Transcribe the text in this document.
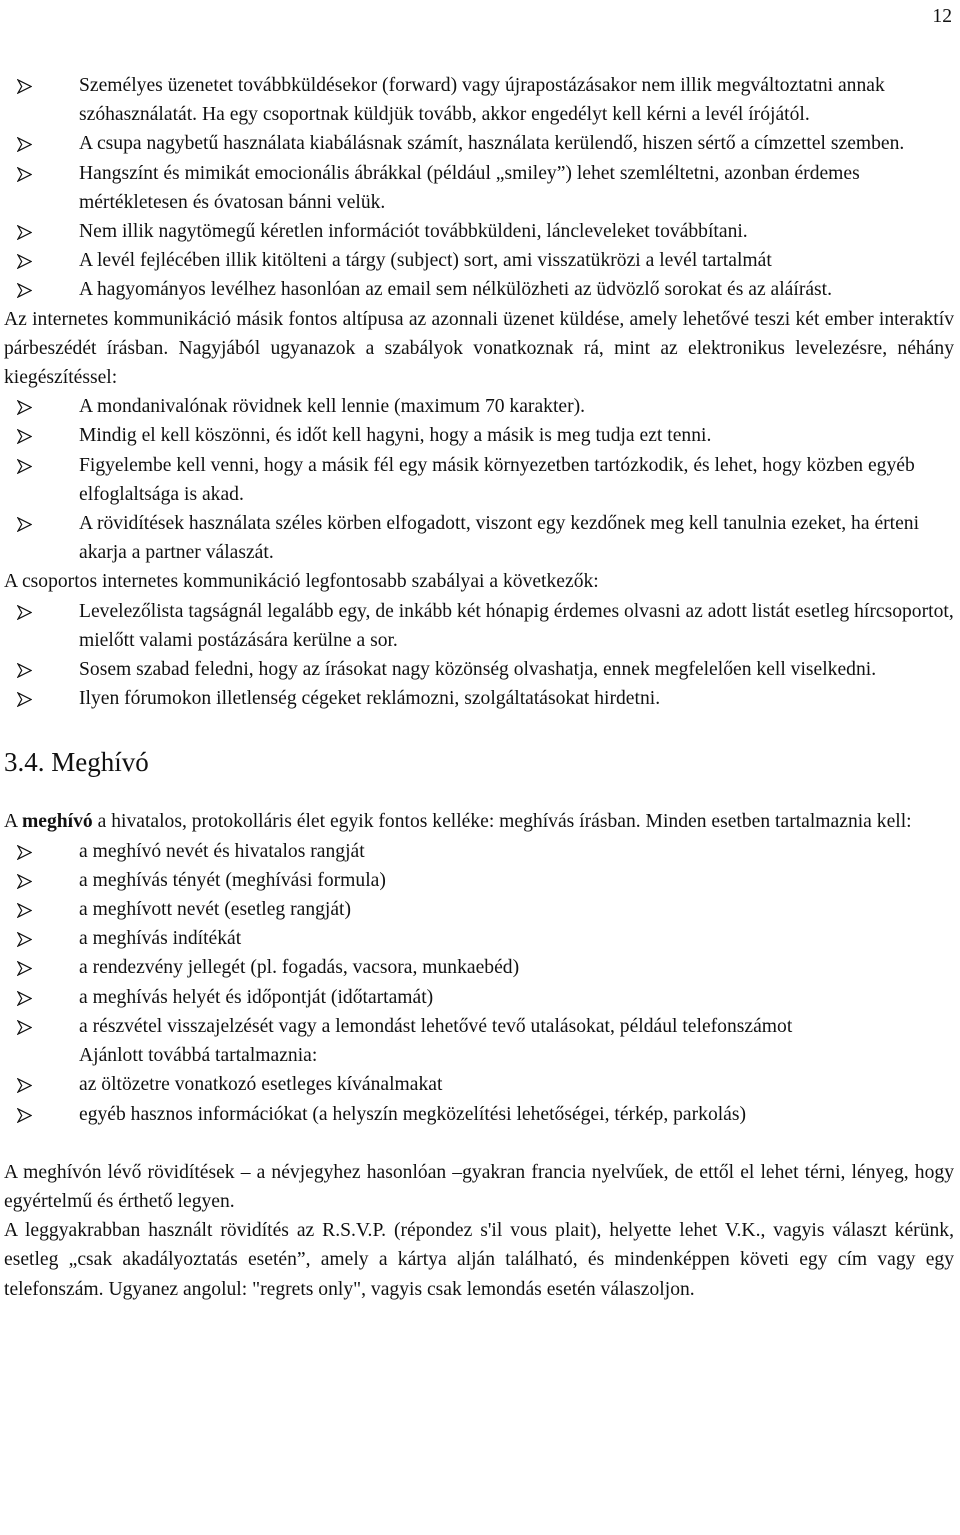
12
Személyes üzenetet továbbküldésekor (forward) vagy újrapostázásakor nem illik megváltoztatni annak szóhasználatát. Ha egy csoportnak küldjük tovább, akkor engedélyt kell kérni a levél írójától.
A csupa nagybetű használata kiabálásnak számít, használata kerülendő, hiszen sértő a címzettel szemben.
Hangszínt és mimikát emocionális ábrákkal (például „smiley”) lehet szemléltetni, azonban érdemes mértékletesen és óvatosan bánni velük.
Nem illik nagytömegű kéretlen információt továbbküldeni, láncleveleket továbbítani.
A levél fejlécében illik kitölteni a tárgy (subject) sort, ami visszatükrözi a levél tartalmát
A hagyományos levélhez hasonlóan az email sem nélkülözheti az üdvözlő sorokat és az aláírást.

Az internetes kommunikáció másik fontos altípusa az azonnali üzenet küldése, amely lehetővé teszi két ember interaktív párbeszédét írásban. Nagyjából ugyanazok a szabályok vonatkoznak rá, mint az elektronikus levelezésre, néhány kiegészítéssel:

A mondanivalónak rövidnek kell lennie (maximum 70 karakter).
Mindig el kell köszönni, és időt kell hagyni, hogy a másik is meg tudja ezt tenni.
Figyelembe kell venni, hogy a másik fél egy másik környezetben tartózkodik, és lehet, hogy közben egyéb elfoglaltsága is akad.
A rövidítések használata széles körben elfogadott, viszont egy kezdőnek meg kell tanulnia ezeket, ha érteni akarja a partner válaszát.

A csoportos internetes kommunikáció legfontosabb szabályai a következők:

Levelezőlista tagságnál legalább egy, de inkább két hónapig érdemes olvasni az adott listát esetleg hírcsoportot, mielőtt valami postázására kerülne a sor.
Sosem szabad feledni, hogy az írásokat nagy közönség olvashatja, ennek megfelelően kell viselkedni.
Ilyen fórumokon illetlenség cégeket reklámozni, szolgáltatásokat hirdetni.
3.4. Meghívó

A meghívó a hivatalos, protokolláris élet egyik fontos kelléke: meghívás írásban. Minden esetben tartalmaznia kell:

a meghívó nevét és hivatalos rangját
a meghívás tényét (meghívási formula)
a meghívott nevét (esetleg rangját)
a meghívás indítékát
a rendezvény jellegét (pl. fogadás, vacsora, munkaebéd)
a meghívás helyét és időpontját (időtartamát)
a részvétel visszajelzését vagy a lemondást lehetővé tevő utalásokat, például telefonszámot
Ajánlott továbbá tartalmaznia:
az öltözetre vonatkozó esetleges kívánalmakat
egyéb hasznos információkat (a helyszín megközelítési lehetőségei, térkép, parkolás)

A meghívón lévő rövidítések – a névjegyhez hasonlóan –gyakran francia nyelvűek, de ettől el lehet térni, lényeg, hogy egyértelmű és érthető legyen.

A leggyakrabban használt rövidítés az R.S.V.P. (répondez s'il vous plait), helyette lehet V.K., vagyis választ kérünk, esetleg „csak akadályoztatás esetén”, amely a kártya alján található, és mindenképpen követi egy cím vagy egy telefonszám. Ugyanez angolul: "regrets only", vagyis csak lemondás esetén válaszoljon.
